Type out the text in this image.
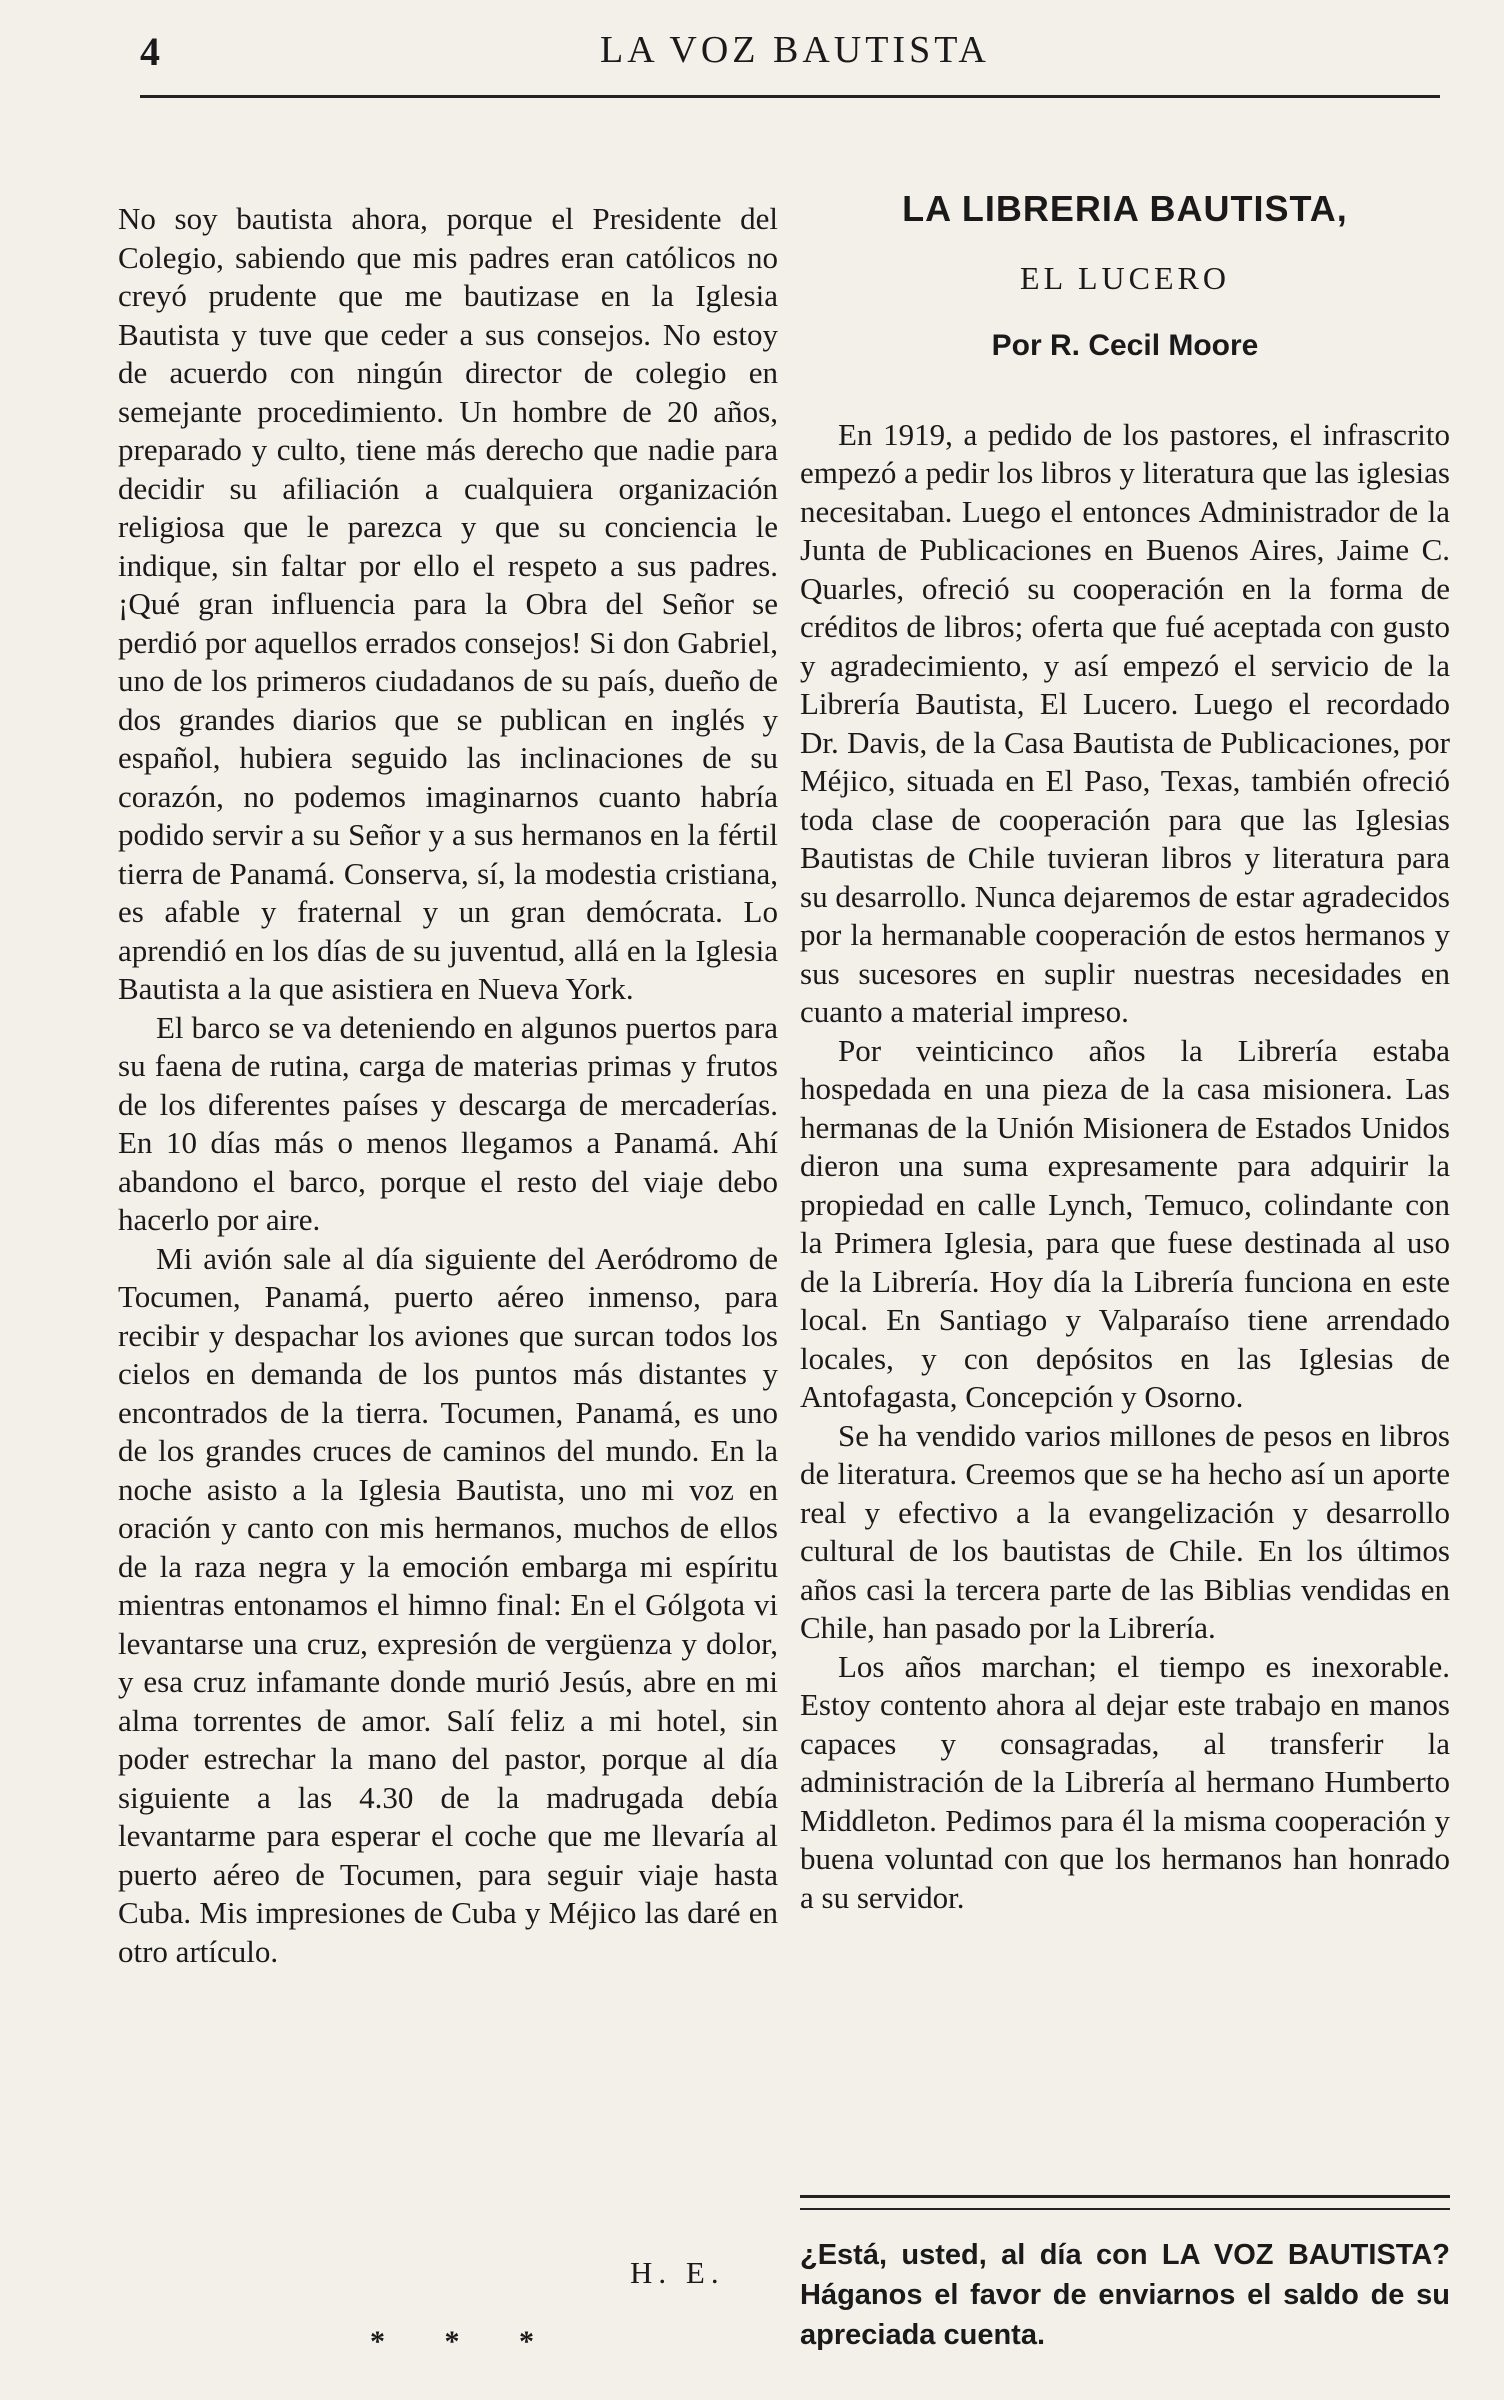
4	LA VOZ BAUTISTA

No soy bautista ahora, porque el Presidente del Colegio, sabiendo que mis padres eran católicos no creyó prudente que me bautizase en la Iglesia Bautista y tuve que ceder a sus consejos. No estoy de acuerdo con ningún director de colegio en semejante procedimiento. Un hombre de 20 años, preparado y culto, tiene más derecho que nadie para decidir su afiliación a cualquiera organización religiosa que le parezca y que su conciencia le indique, sin faltar por ello el respeto a sus padres. ¡Qué gran influencia para la Obra del Señor se perdió por aquellos errados consejos! Si don Gabriel, uno de los primeros ciudadanos de su país, dueño de dos grandes diarios que se publican en inglés y español, hubiera seguido las inclinaciones de su corazón, no podemos imaginarnos cuanto habría podido servir a su Señor y a sus hermanos en la fértil tierra de Panamá. Conserva, sí, la modestia cristiana, es afable y fraternal y un gran demócrata. Lo aprendió en los días de su juventud, allá en la Iglesia Bautista a la que asistiera en Nueva York.

El barco se va deteniendo en algunos puertos para su faena de rutina, carga de materias primas y frutos de los diferentes países y descarga de mercaderías. En 10 días más o menos llegamos a Panamá. Ahí abandono el barco, porque el resto del viaje debo hacerlo por aire.

Mi avión sale al día siguiente del Aeródromo de Tocumen, Panamá, puerto aéreo inmenso, para recibir y despachar los aviones que surcan todos los cielos en demanda de los puntos más distantes y encontrados de la tierra. Tocumen, Panamá, es uno de los grandes cruces de caminos del mundo. En la noche asisto a la Iglesia Bautista, uno mi voz en oración y canto con mis hermanos, muchos de ellos de la raza negra y la emoción embarga mi espíritu mientras entonamos el himno final: En el Gólgota vi levantarse una cruz, expresión de vergüenza y dolor, y esa cruz infamante donde murió Jesús, abre en mi alma torrentes de amor. Salí feliz a mi hotel, sin poder estrechar la mano del pastor, porque al día siguiente a las 4.30 de la madrugada debía levantarme para esperar el coche que me llevaría al puerto aéreo de Tocumen, para seguir viaje hasta Cuba. Mis impresiones de Cuba y Méjico las daré en otro artículo.

H. E.
* * *
LA LIBRERIA BAUTISTA,
EL LUCERO
Por R. Cecil Moore

En 1919, a pedido de los pastores, el infrascrito empezó a pedir los libros y literatura que las iglesias necesitaban. Luego el entonces Administrador de la Junta de Publicaciones en Buenos Aires, Jaime C. Quarles, ofreció su cooperación en la forma de créditos de libros; oferta que fué aceptada con gusto y agradecimiento, y así empezó el servicio de la Librería Bautista, El Lucero. Luego el recordado Dr. Davis, de la Casa Bautista de Publicaciones, por Méjico, situada en El Paso, Texas, también ofreció toda clase de cooperación para que las Iglesias Bautistas de Chile tuvieran libros y literatura para su desarrollo. Nunca dejaremos de estar agradecidos por la hermanable cooperación de estos hermanos y sus sucesores en suplir nuestras necesidades en cuanto a material impreso.

Por veinticinco años la Librería estaba hospedada en una pieza de la casa misionera. Las hermanas de la Unión Misionera de Estados Unidos dieron una suma expresamente para adquirir la propiedad en calle Lynch, Temuco, colindante con la Primera Iglesia, para que fuese destinada al uso de la Librería. Hoy día la Librería funciona en este local. En Santiago y Valparaíso tiene arrendado locales, y con depósitos en las Iglesias de Antofagasta, Concepción y Osorno.

Se ha vendido varios millones de pesos en libros de literatura. Creemos que se ha hecho así un aporte real y efectivo a la evangelización y desarrollo cultural de los bautistas de Chile. En los últimos años casi la tercera parte de las Biblias vendidas en Chile, han pasado por la Librería.

Los años marchan; el tiempo es inexorable. Estoy contento ahora al dejar este trabajo en manos capaces y consagradas, al transferir la administración de la Librería al hermano Humberto Middleton. Pedimos para él la misma cooperación y buena voluntad con que los hermanos han honrado a su servidor.

¿Está, usted, al día con LA VOZ BAUTISTA? Háganos el favor de enviarnos el saldo de su apreciada cuenta.
